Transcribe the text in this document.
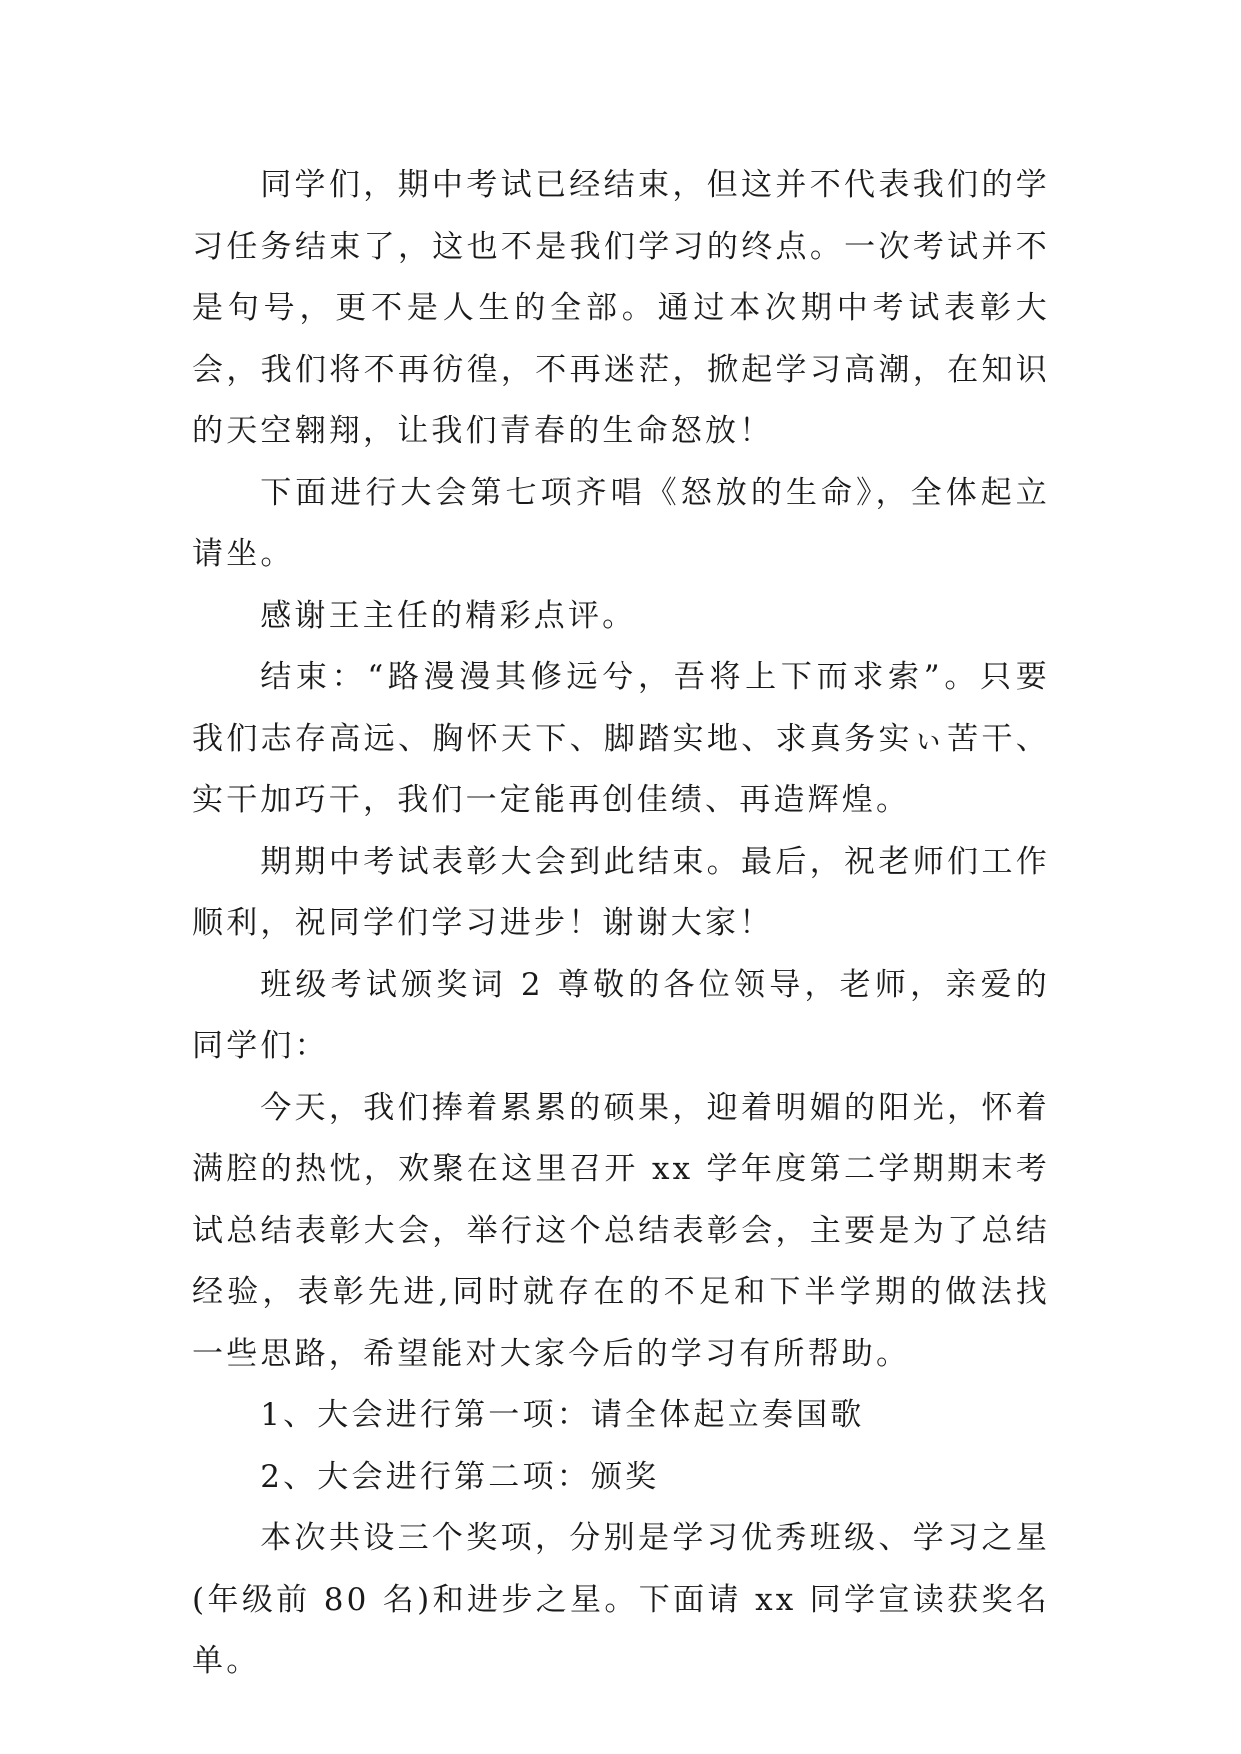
同学们，期中考试已经结束，但这并不代表我们的学习任务结束了，这也不是我们学习的终点。一次考试并不是句号，更不是人生的全部。通过本次期中考试表彰大会，我们将不再彷徨，不再迷茫，掀起学习高潮，在知识的天空翱翔，让我们青春的生命怒放！

下面进行大会第七项齐唱《怒放的生命》，全体起立请坐。

感谢王主任的精彩点评。

结束：“路漫漫其修远兮，吾将上下而求索”。只要我们志存高远、胸怀天下、脚踏实地、求真务实ぃ苦干、实干加巧干，我们一定能再创佳绩、再造辉煌。

期期中考试表彰大会到此结束。最后，祝老师们工作顺利，祝同学们学习进步！谢谢大家！

班级考试颁奖词 2 尊敬的各位领导，老师，亲爱的同学们：

今天，我们捧着累累的硕果，迎着明媚的阳光，怀着满腔的热忱，欢聚在这里召开 xx 学年度第二学期期末考试总结表彰大会，举行这个总结表彰会，主要是为了总结经验，表彰先进,同时就存在的不足和下半学期的做法找一些思路，希望能对大家今后的学习有所帮助。

1、大会进行第一项：请全体起立奏国歌

2、大会进行第二项：颁奖

本次共设三个奖项，分别是学习优秀班级、学习之星(年级前 80 名)和进步之星。下面请 xx 同学宣读获奖名单。
